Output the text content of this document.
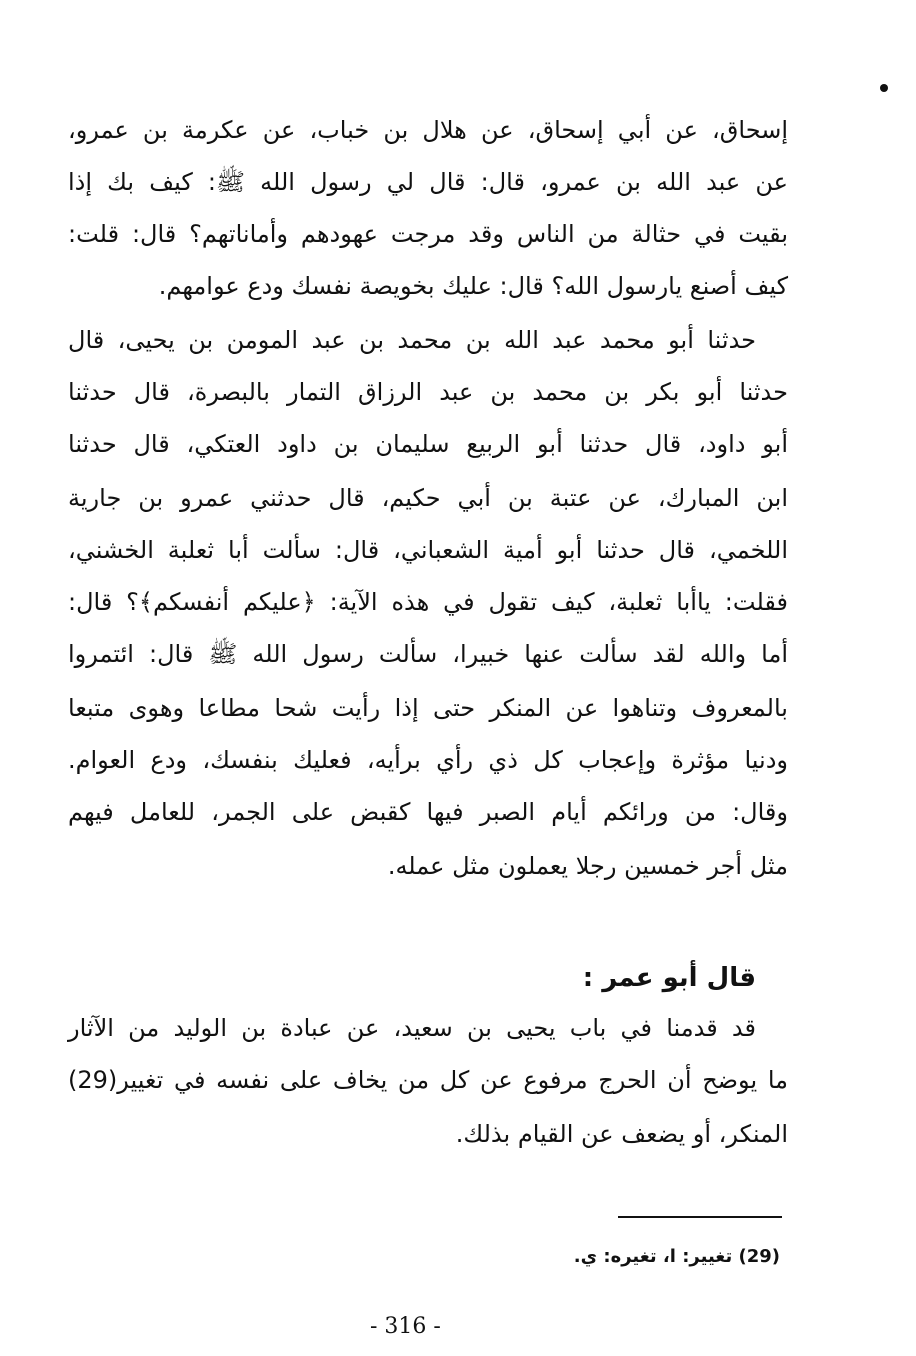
إسحاق، عن أبي إسحاق، عن هلال بن خباب، عن عكرمة بن عمرو،
عن عبد الله بن عمرو، قال: قال لي رسول الله ﷺ: كيف بك إذا
بقيت في حثالة من الناس وقد مرجت عهودهم وأماناتهم؟ قال: قلت:
كيف أصنع يارسول الله؟ قال: عليك بخويصة نفسك ودع عوامهم.
حدثنا أبو محمد عبد الله بن محمد بن عبد المومن بن يحيى، قال
حدثنا أبو بكر بن محمد بن عبد الرزاق التمار بالبصرة، قال حدثنا
أبو داود، قال حدثنا أبو الربيع سليمان بن داود العتكي، قال حدثنا
ابن المبارك، عن عتبة بن أبي حكيم، قال حدثني عمرو بن جارية
اللخمي، قال حدثنا أبو أمية الشعباني، قال: سألت أبا ثعلبة الخشني،
فقلت: ياأبا ثعلبة، كيف تقول في هذه الآية: ﴿عليكم أنفسكم﴾؟ قال:
أما والله لقد سألت عنها خبيرا، سألت رسول الله ﷺ قال: ائتمروا
بالمعروف وتناهوا عن المنكر حتى إذا رأيت شحا مطاعا وهوى متبعا
ودنيا مؤثرة وإعجاب كل ذي رأي برأيه، فعليك بنفسك، ودع العوام.
وقال: من ورائكم أيام الصبر فيها كقبض على الجمر، للعامل فيهم
مثل أجر خمسين رجلا يعملون مثل عمله.
قال أبو عمر :
قد قدمنا في باب يحيى بن سعيد، عن عبادة بن الوليد من الآثار
ما يوضح أن الحرج مرفوع عن كل من يخاف على نفسه في تغيير(29)
المنكر، أو يضعف عن القيام بذلك.
(29) تغيير: ا، تغيره: ي.
- 316 -
